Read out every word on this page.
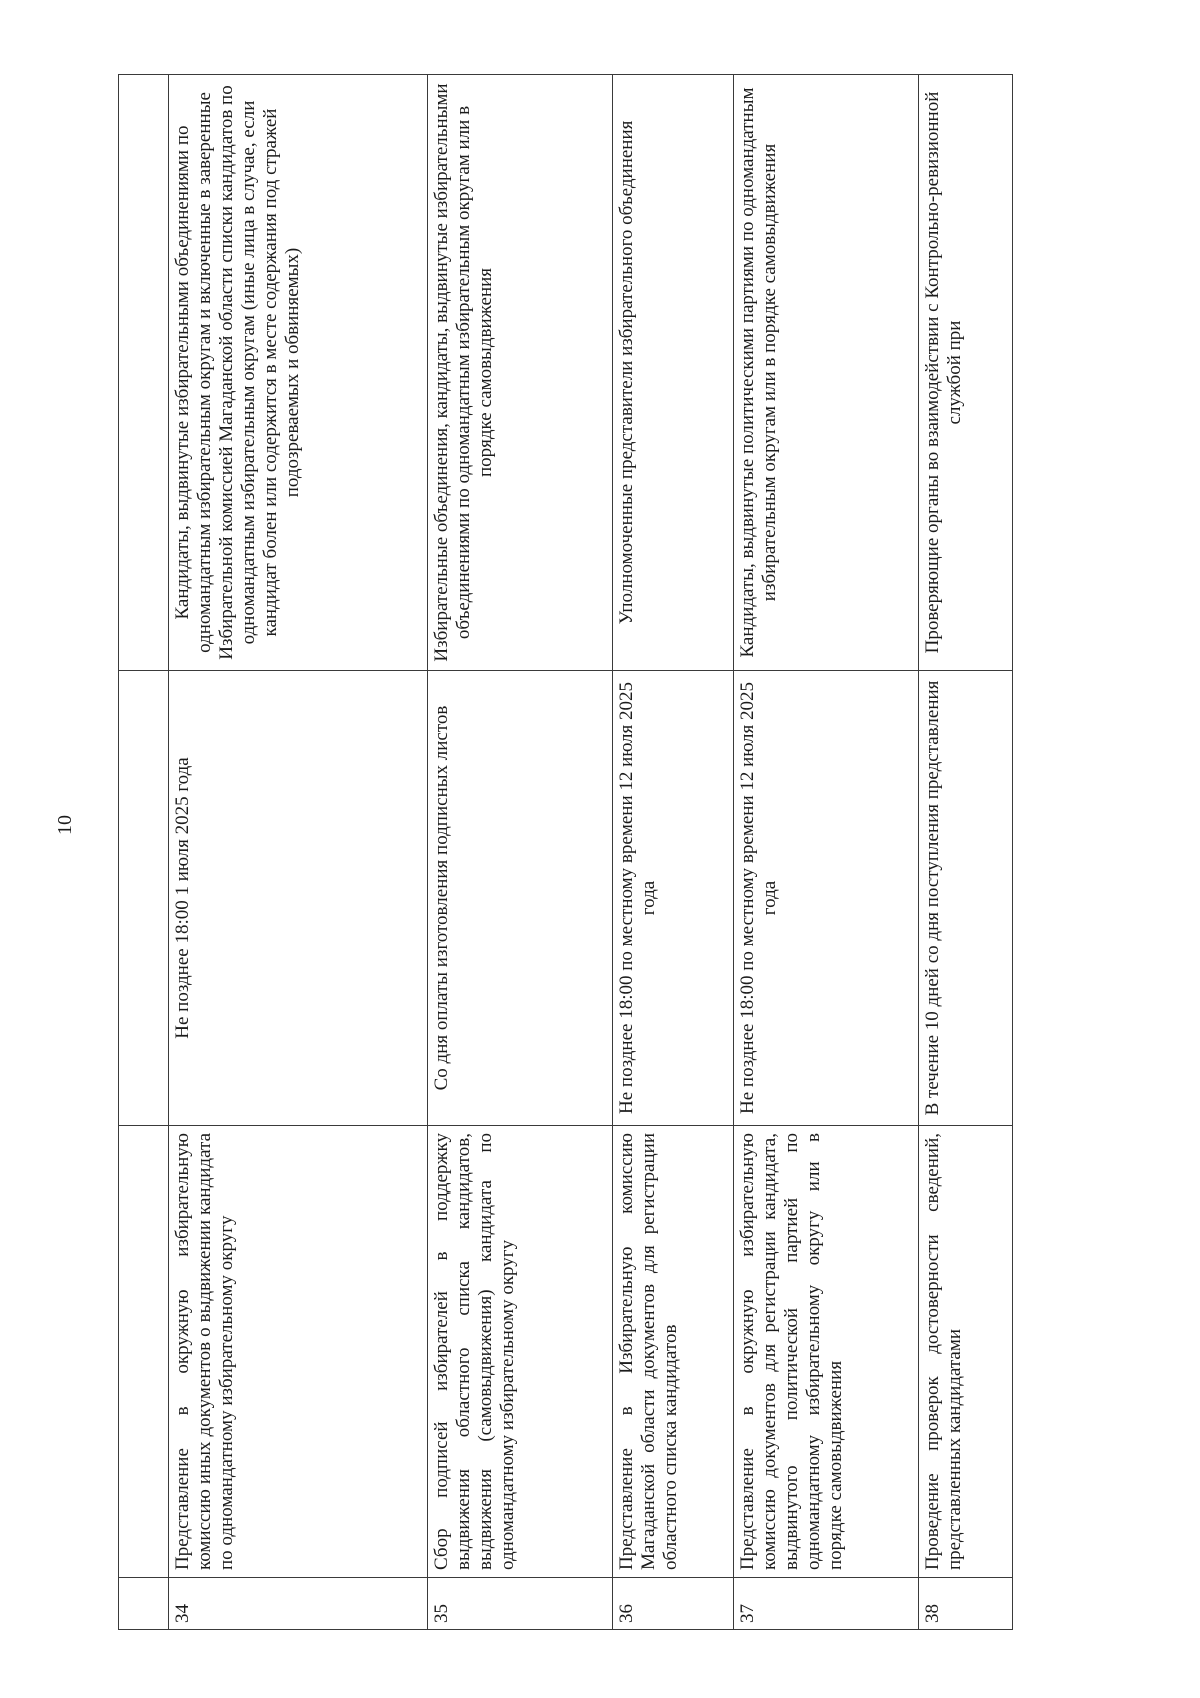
10

34	Представление в окружную избирательную комиссию иных документов о выдвижении кандидата по одномандатному избирательному округу	Не позднее 18:00 1 июля 2025 года	Кандидаты, выдвинутые избирательными объединениями по одномандатным избирательным округам и включенные в заверенные Избирательной комиссией Магаданской области списки кандидатов по одномандатным избирательным округам (иные лица в случае, если кандидат болен или содержится в месте содержания под стражей подозреваемых и обвиняемых)
35	Сбор подписей избирателей в поддержку выдвижения областного списка кандидатов, выдвижения (самовыдвижения) кандидата по одномандатному избирательному округу	Со дня оплаты изготовления подписных листов	Избирательные объединения, кандидаты, выдвинутые избирательными объединениями по одномандатным избирательным округам или в порядке самовыдвижения
36	Представление в Избирательную комиссию Магаданской области документов для регистрации областного списка кандидатов	Не позднее 18:00 по местному времени 12 июля 2025 года	Уполномоченные представители избирательного объединения
37	Представление в окружную избирательную комиссию документов для регистрации кандидата, выдвинутого политической партией по одномандатному избирательному округу или в порядке самовыдвижения	Не позднее 18:00 по местному времени 12 июля 2025 года	Кандидаты, выдвинутые политическими партиями по одномандатным избирательным округам или в порядке самовыдвижения
38	Проведение проверок достоверности сведений, представленных кандидатами	В течение 10 дней со дня поступления представления	Проверяющие органы во взаимодействии с Контрольно-ревизионной службой при
